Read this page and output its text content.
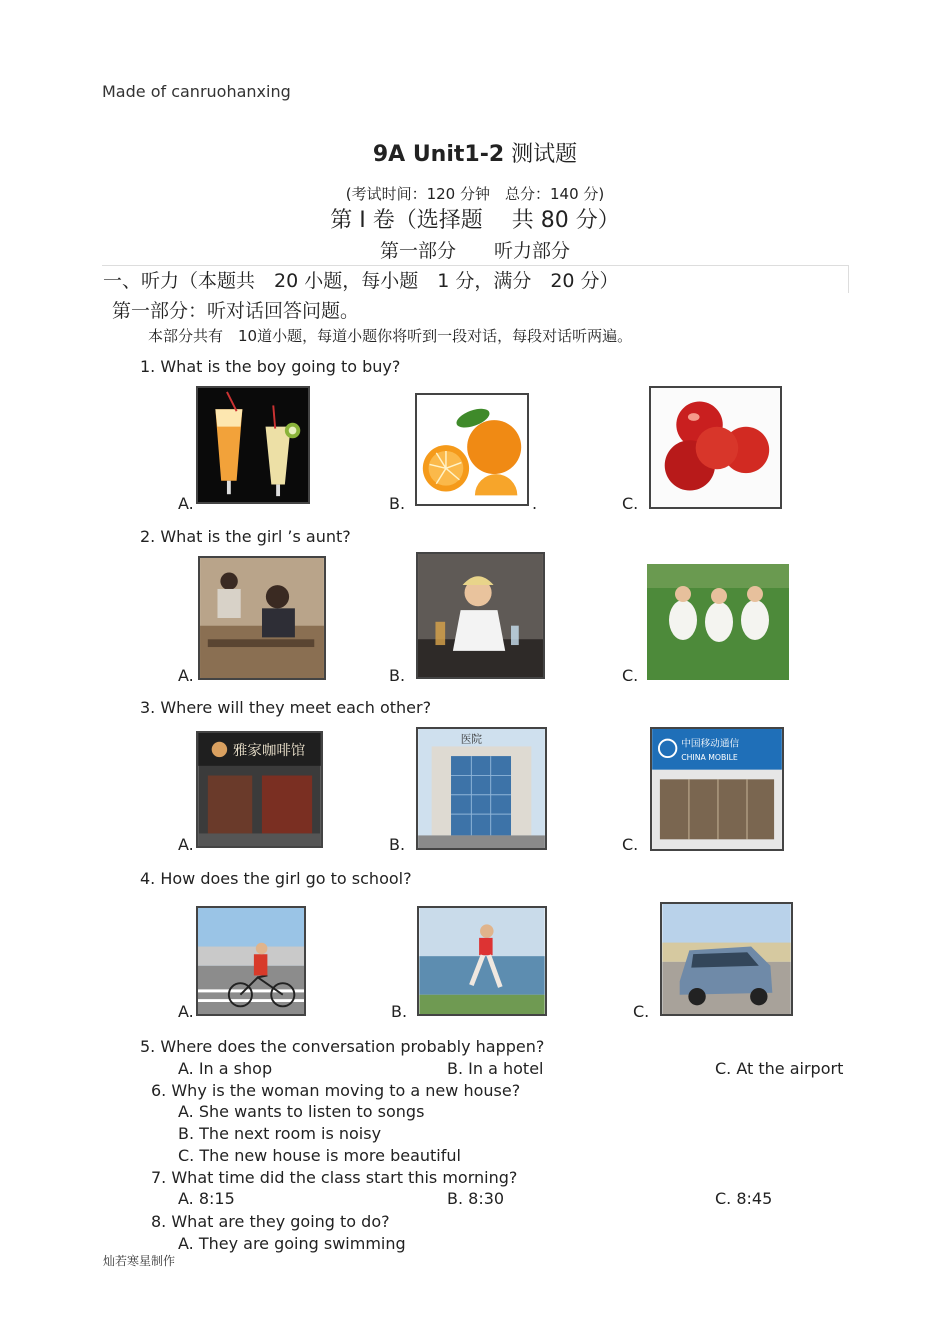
Made of canruohanxing
9A Unit1-2 测试题
(考试时间：120 分钟　总分：140 分)
第 Ⅰ 卷（选择题　 共 80 分）
第一部分　　听力部分
一、听力（本题共　20 小题，每小题　1 分，满分　20 分）
第一部分：听对话回答问题。
本部分共有　10道小题，每道小题你将听到一段对话，每段对话听两遍。
1. What is the boy going to buy?
A.	B.	.	C.
2. What is the girl ’s aunt?
A.	B.	C.
3. Where will they meet each other?
A.
雅家咖啡馆
B.
医院
C.
中国移动通信
CHINA MOBILE
4. How does the girl go to school?
A.	B.	C.
5. Where does the conversation probably happen?
A. In a shop	B. In a hotel	C. At the airport
6. Why is the woman moving to a new house?
A. She wants to listen to songs
B. The next room is noisy
C. The new house is more beautiful
7. What time did the class start this morning?
A. 8:15	B. 8:30	C. 8:45
8. What are they going to do?
A. They are going swimming
灿若寒星制作
